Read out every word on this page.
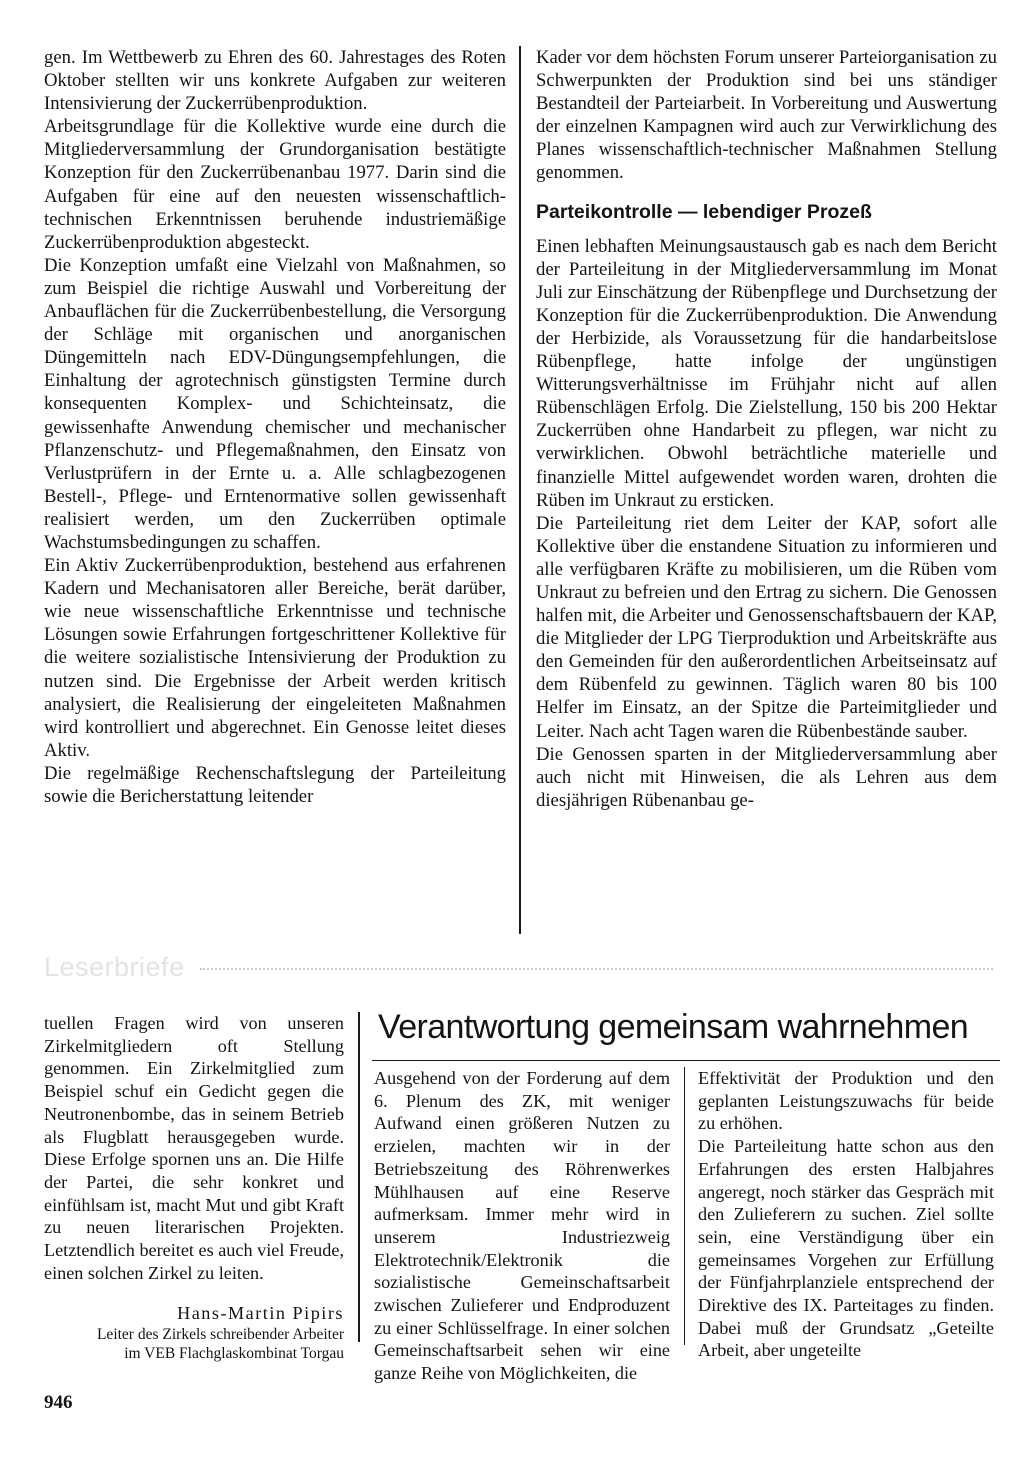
gen. Im Wettbewerb zu Ehren des 60. Jahrestages des Roten Oktober stellten wir uns konkrete Aufgaben zur weiteren Intensivierung der Zuckerrübenproduktion.

Arbeitsgrundlage für die Kollektive wurde eine durch die Mitgliederversammlung der Grundorganisation bestätigte Konzeption für den Zuckerrübenanbau 1977. Darin sind die Aufgaben für eine auf den neuesten wissenschaftlich-technischen Erkenntnissen beruhende industriemäßige Zuckerrübenproduktion abgesteckt.

Die Konzeption umfaßt eine Vielzahl von Maßnahmen, so zum Beispiel die richtige Auswahl und Vorbereitung der Anbauflächen für die Zuckerrübenbestellung, die Versorgung der Schläge mit organischen und anorganischen Düngemitteln nach EDV-Düngungsempfehlungen, die Einhaltung der agrotechnisch günstigsten Termine durch konsequenten Komplex- und Schichteinsatz, die gewissenhafte Anwendung chemischer und mechanischer Pflanzenschutz- und Pflegemaßnahmen, den Einsatz von Verlustprüfern in der Ernte u. a. Alle schlagbezogenen Bestell-, Pflege- und Erntenormative sollen gewissenhaft realisiert werden, um den Zuckerrüben optimale Wachstumsbedingungen zu schaffen.

Ein Aktiv Zuckerrübenproduktion, bestehend aus erfahrenen Kadern und Mechanisatoren aller Bereiche, berät darüber, wie neue wissenschaftliche Erkenntnisse und technische Lösungen sowie Erfahrungen fortgeschrittener Kollektive für die weitere sozialistische Intensivierung der Produktion zu nutzen sind. Die Ergebnisse der Arbeit werden kritisch analysiert, die Realisierung der eingeleiteten Maßnahmen wird kontrolliert und abgerechnet. Ein Genosse leitet dieses Aktiv.

Die regelmäßige Rechenschaftslegung der Parteileitung sowie die Bericherstattung leitender

Kader vor dem höchsten Forum unserer Parteiorganisation zu Schwerpunkten der Produktion sind bei uns ständiger Bestandteil der Parteiarbeit. In Vorbereitung und Auswertung der einzelnen Kampagnen wird auch zur Verwirklichung des Planes wissenschaftlich-technischer Maßnahmen Stellung genommen.

Parteikontrolle — lebendiger Prozeß

Einen lebhaften Meinungsaustausch gab es nach dem Bericht der Parteileitung in der Mitgliederversammlung im Monat Juli zur Einschätzung der Rübenpflege und Durchsetzung der Konzeption für die Zuckerrübenproduktion. Die Anwendung der Herbizide, als Voraussetzung für die handarbeitslose Rübenpflege, hatte infolge der ungünstigen Witterungsverhältnisse im Frühjahr nicht auf allen Rübenschlägen Erfolg. Die Zielstellung, 150 bis 200 Hektar Zuckerrüben ohne Handarbeit zu pflegen, war nicht zu verwirklichen. Obwohl beträchtliche materielle und finanzielle Mittel aufgewendet worden waren, drohten die Rüben im Unkraut zu ersticken.

Die Parteileitung riet dem Leiter der KAP, sofort alle Kollektive über die enstandene Situation zu informieren und alle verfügbaren Kräfte zu mobilisieren, um die Rüben vom Unkraut zu befreien und den Ertrag zu sichern. Die Genossen halfen mit, die Arbeiter und Genossenschaftsbauern der KAP, die Mitglieder der LPG Tierproduktion und Arbeitskräfte aus den Gemeinden für den außerordentlichen Arbeitseinsatz auf dem Rübenfeld zu gewinnen. Täglich waren 80 bis 100 Helfer im Einsatz, an der Spitze die Parteimitglieder und Leiter. Nach acht Tagen waren die Rübenbestände sauber.

Die Genossen sparten in der Mitgliederversammlung aber auch nicht mit Hinweisen, die als Lehren aus dem diesjährigen Rübenanbau ge-

Leserbriefe

tuellen Fragen wird von unseren Zirkelmitgliedern oft Stellung genommen. Ein Zirkelmitglied zum Beispiel schuf ein Gedicht gegen die Neutronenbombe, das in seinem Betrieb als Flugblatt herausgegeben wurde. Diese Erfolge spornen uns an. Die Hilfe der Partei, die sehr konkret und einfühlsam ist, macht Mut und gibt Kraft zu neuen literarischen Projekten. Letztendlich bereitet es auch viel Freude, einen solchen Zirkel zu leiten.

Hans-Martin Pipirs

Leiter des Zirkels schreibender Arbeiter

im VEB Flachglaskombinat Torgau

Verantwortung gemeinsam wahrnehmen

Ausgehend von der Forderung auf dem 6. Plenum des ZK, mit weniger Aufwand einen größeren Nutzen zu erzielen, machten wir in der Betriebszeitung des Röhrenwerkes Mühlhausen auf eine Reserve aufmerksam. Immer mehr wird in unserem Industriezweig Elektrotechnik/Elektronik die sozialistische Gemeinschaftsarbeit zwischen Zulieferer und Endproduzent zu einer Schlüsselfrage. In einer solchen Gemeinschaftsarbeit sehen wir eine ganze Reihe von Möglichkeiten, die

Effektivität der Produktion und den geplanten Leistungszuwachs für beide zu erhöhen.

Die Parteileitung hatte schon aus den Erfahrungen des ersten Halbjahres angeregt, noch stärker das Gespräch mit den Zulieferern zu suchen. Ziel sollte sein, eine Verständigung über ein gemeinsames Vorgehen zur Erfüllung der Fünfjahrplanziele entsprechend der Direktive des IX. Parteitages zu finden. Dabei muß der Grundsatz „Geteilte Arbeit, aber ungeteilte

946
